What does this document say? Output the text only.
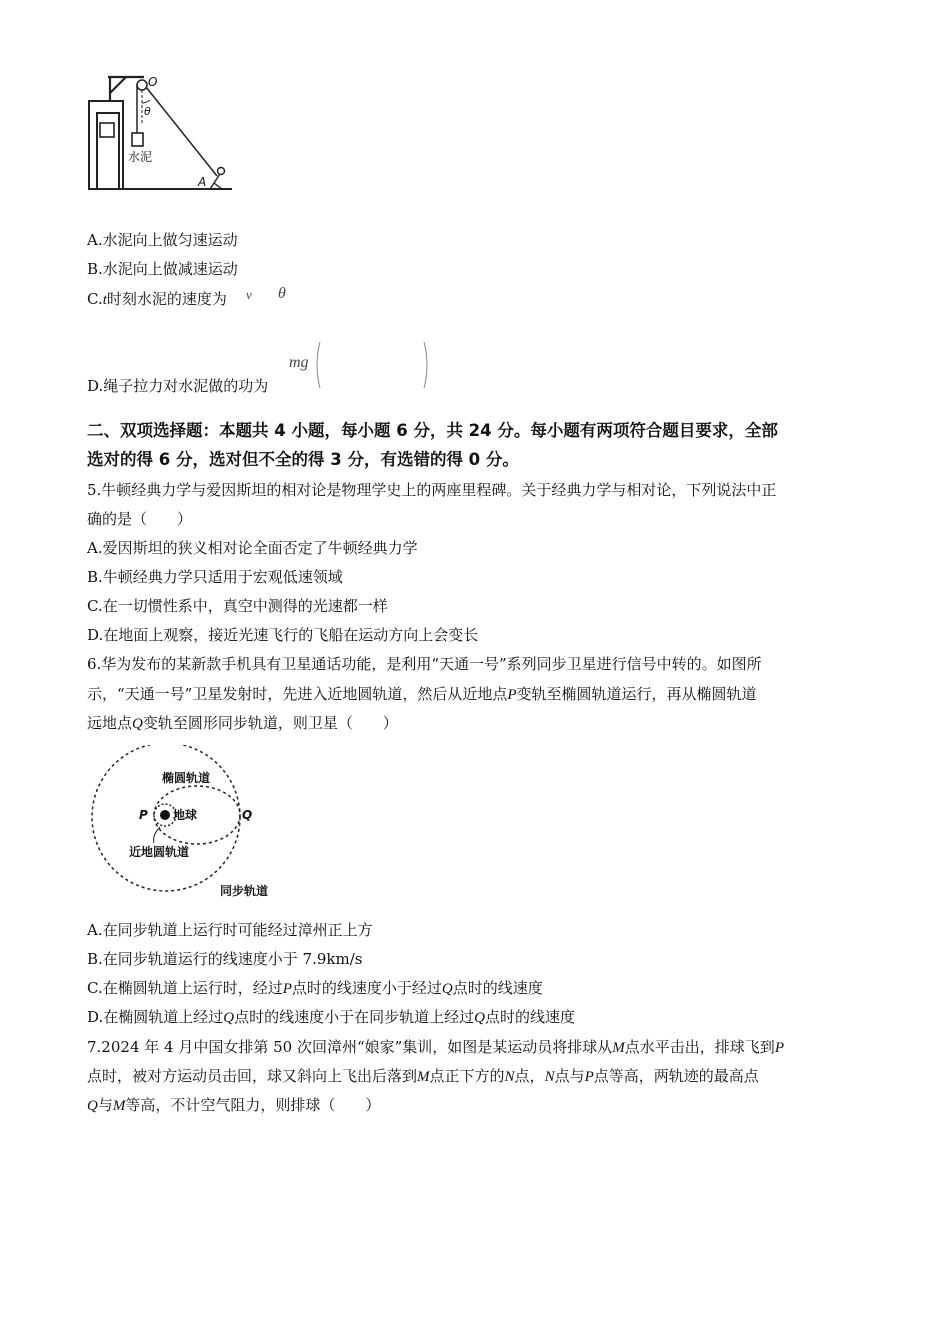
O
θ
水泥
A
A.水泥向上做匀速运动
B.水泥向上做减速运动
C.t时刻水泥的速度为 v θ
mg
D.绳子拉力对水泥做的功为
二、双项选择题：本题共 4 小题，每小题 6 分，共 24 分。每小题有两项符合题目要求，全部
选对的得 6 分，选对但不全的得 3 分，有选错的得 0 分。
5.牛顿经典力学与爱因斯坦的相对论是物理学史上的两座里程碑。关于经典力学与相对论，下列说法中正
确的是（　　）
A.爱因斯坦的狭义相对论全面否定了牛顿经典力学
B.牛顿经典力学只适用于宏观低速领域
C.在一切惯性系中，真空中测得的光速都一样
D.在地面上观察，接近光速飞行的飞船在运动方向上会变长
6.华为发布的某新款手机具有卫星通话功能，是利用“天通一号”系列同步卫星进行信号中转的。如图所
示，“天通一号”卫星发射时，先进入近地圆轨道，然后从近地点P变轨至椭圆轨道运行，再从椭圆轨道
远地点Q变轨至圆形同步轨道，则卫星（　　）
椭圆轨道
P 地球	Q
近地圆轨道
同步轨道
A.在同步轨道上运行时可能经过漳州正上方
B.在同步轨道运行的线速度小于 7.9km/s
C.在椭圆轨道上运行时，经过P点时的线速度小于经过Q点时的线速度
D.在椭圆轨道上经过Q点时的线速度小于在同步轨道上经过Q点时的线速度
7.2024 年 4 月中国女排第 50 次回漳州“娘家”集训，如图是某运动员将排球从M点水平击出，排球飞到P
点时，被对方运动员击回，球又斜向上飞出后落到M点正下方的N点，N点与P点等高，两轨迹的最高点
Q与M等高，不计空气阻力，则排球（　　）
